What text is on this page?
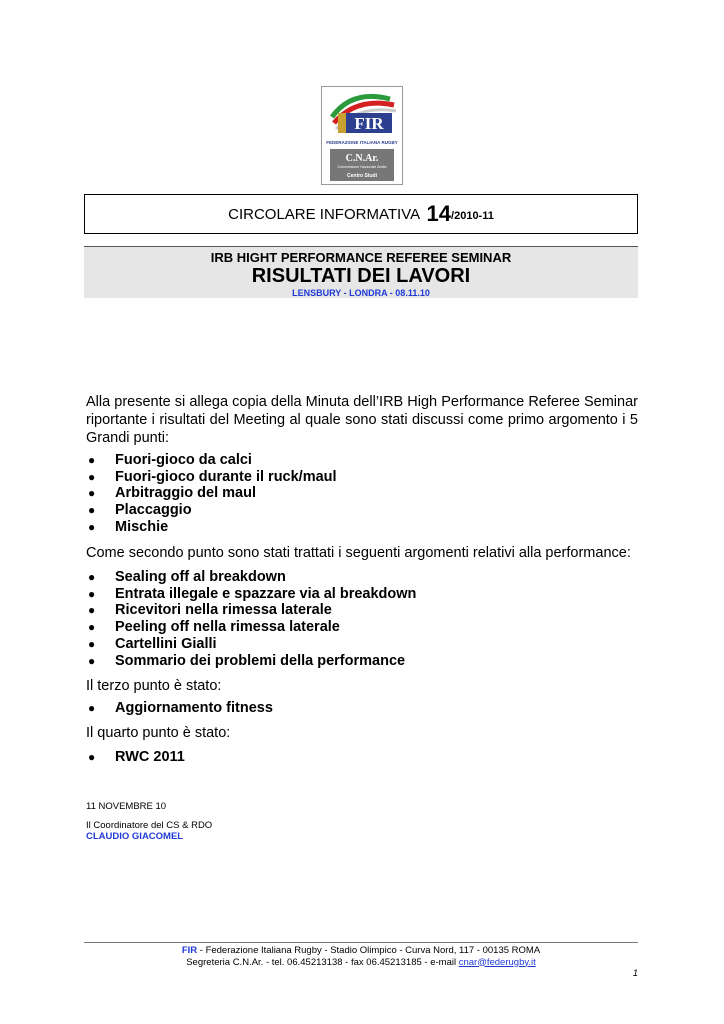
FIR
FEDERAZIONE ITALIANA RUGBY
C.N.Ar.
Commissione Nazionale Arbitri
Centro Studi
CIRCOLARE INFORMATIVA
14 /2010-11
IRB HIGHT PERFORMANCE REFEREE SEMINAR
RISULTATI DEI LAVORI
LENSBURY - LONDRA - 08.11.10
Alla presente si allega copia della Minuta dell’IRB High Performance Referee Seminar riportante i risultati del Meeting al quale sono stati discussi come primo argomento i 5 Grandi punti:
● Fuori-gioco da calci
● Fuori-gioco durante il ruck/maul
● Arbitraggio del maul
● Placcaggio
● Mischie
Come secondo punto sono stati trattati i seguenti argomenti relativi alla performance:
● Sealing off al breakdown
● Entrata illegale e spazzare via al breakdown
● Ricevitori nella rimessa laterale
● Peeling off nella rimessa laterale
● Cartellini Gialli
● Sommario dei problemi della performance
Il terzo punto è stato:
● Aggiornamento fitness
Il quarto punto è stato:
● RWC 2011
11 NOVEMBRE 10
Il Coordinatore del CS & RDO
CLAUDIO GIACOMEL
FIR - Federazione Italiana Rugby - Stadio Olimpico - Curva Nord, 117 - 00135 ROMA
Segreteria C.N.Ar. - tel. 06.45213138 - fax 06.45213185 - e-mail cnar@federugby.it
1
